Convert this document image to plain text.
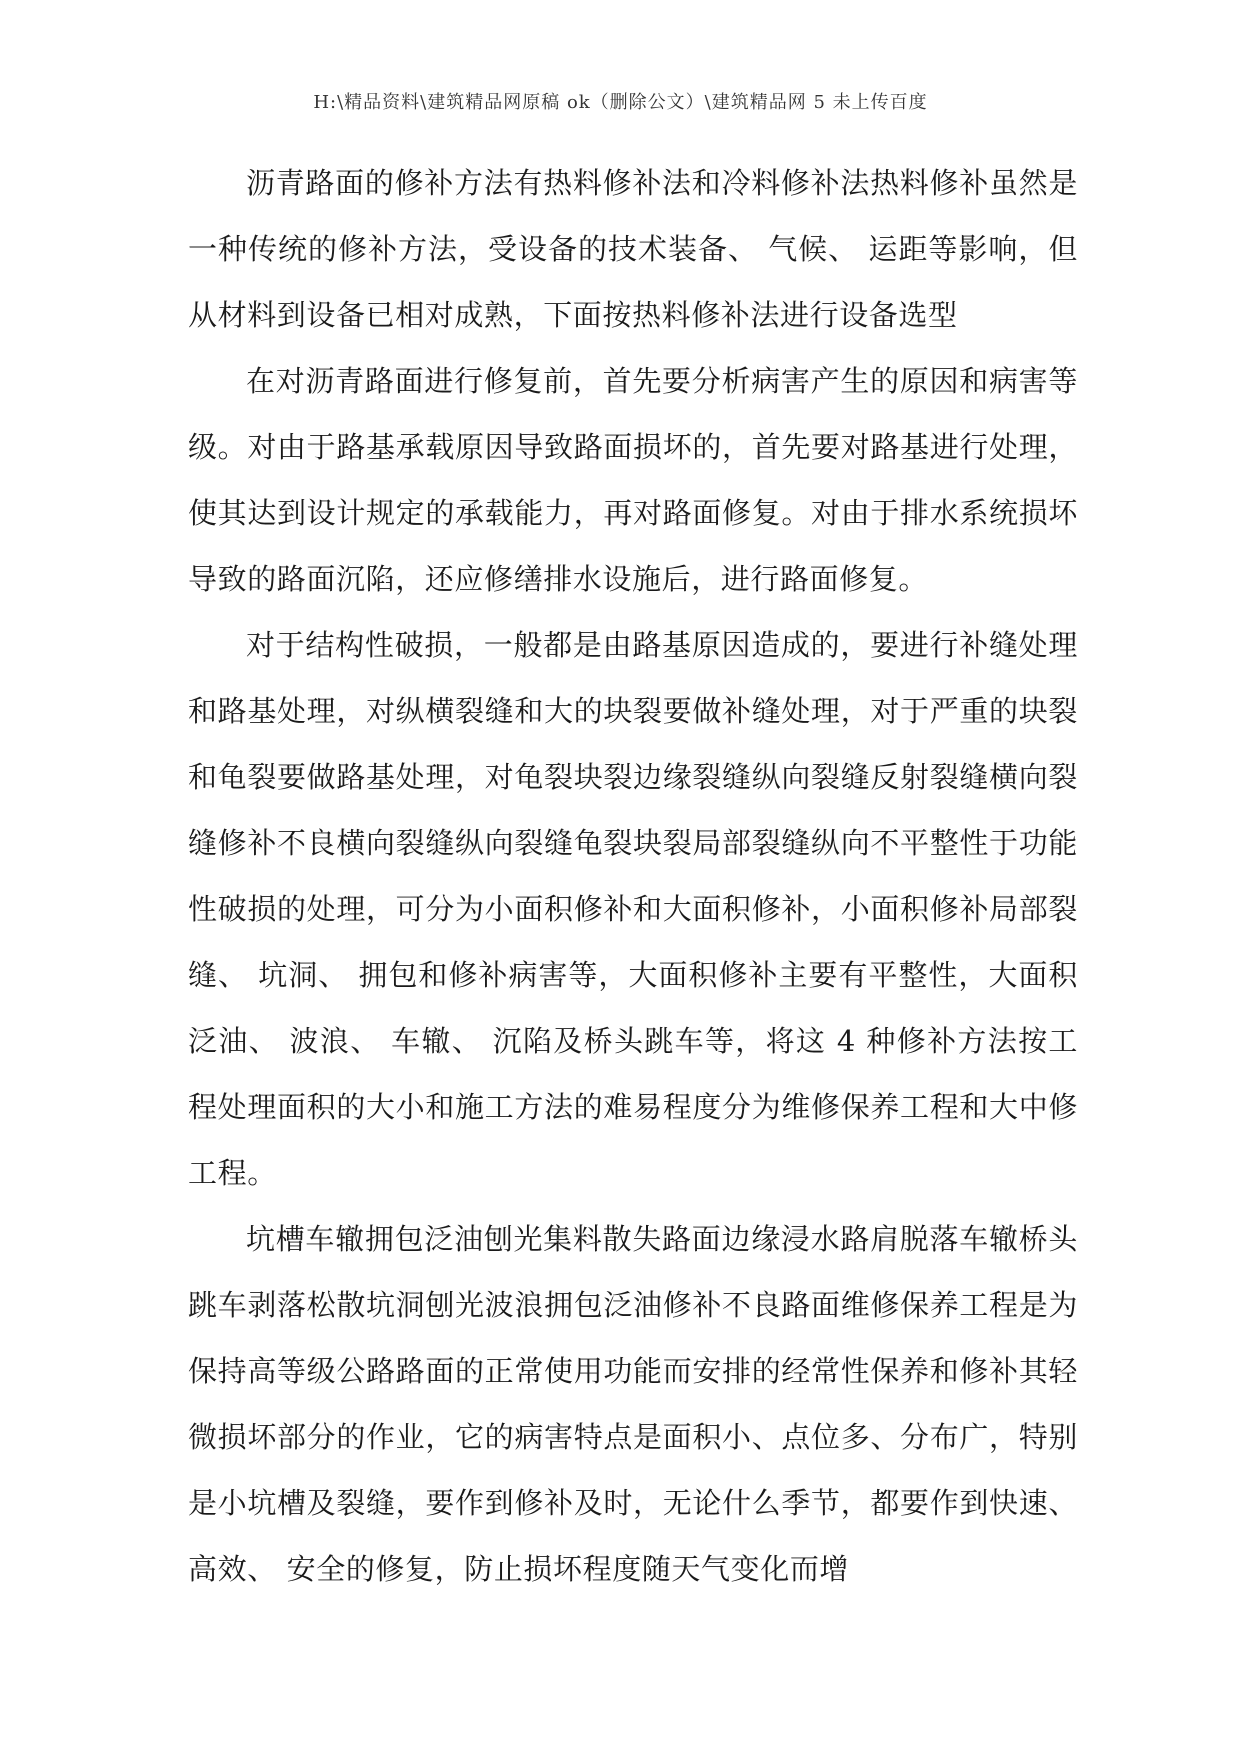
H:\精品资料\建筑精品网原稿 ok（删除公文）\建筑精品网 5 未上传百度

沥青路面的修补方法有热料修补法和冷料修补法热料修补虽然是一种传统的修补方法，受设备的技术装备、 气候、 运距等影响，但从材料到设备已相对成熟，下面按热料修补法进行设备选型

在对沥青路面进行修复前，首先要分析病害产生的原因和病害等级。对由于路基承载原因导致路面损坏的，首先要对路基进行处理，使其达到设计规定的承载能力，再对路面修复。对由于排水系统损坏导致的路面沉陷，还应修缮排水设施后，进行路面修复。

对于结构性破损，一般都是由路基原因造成的，要进行补缝处理和路基处理，对纵横裂缝和大的块裂要做补缝处理，对于严重的块裂和龟裂要做路基处理，对龟裂块裂边缘裂缝纵向裂缝反射裂缝横向裂缝修补不良横向裂缝纵向裂缝龟裂块裂局部裂缝纵向不平整性于功能性破损的处理，可分为小面积修补和大面积修补，小面积修补局部裂缝、 坑洞、 拥包和修补病害等，大面积修补主要有平整性，大面积泛油、 波浪、 车辙、 沉陷及桥头跳车等，将这 4 种修补方法按工程处理面积的大小和施工方法的难易程度分为维修保养工程和大中修工程。

坑槽车辙拥包泛油刨光集料散失路面边缘浸水路肩脱落车辙桥头跳车剥落松散坑洞刨光波浪拥包泛油修补不良路面维修保养工程是为保持高等级公路路面的正常使用功能而安排的经常性保养和修补其轻微损坏部分的作业，它的病害特点是面积小、点位多、分布广，特别是小坑槽及裂缝，要作到修补及时，无论什么季节，都要作到快速、 高效、 安全的修复，防止损坏程度随天气变化而增
